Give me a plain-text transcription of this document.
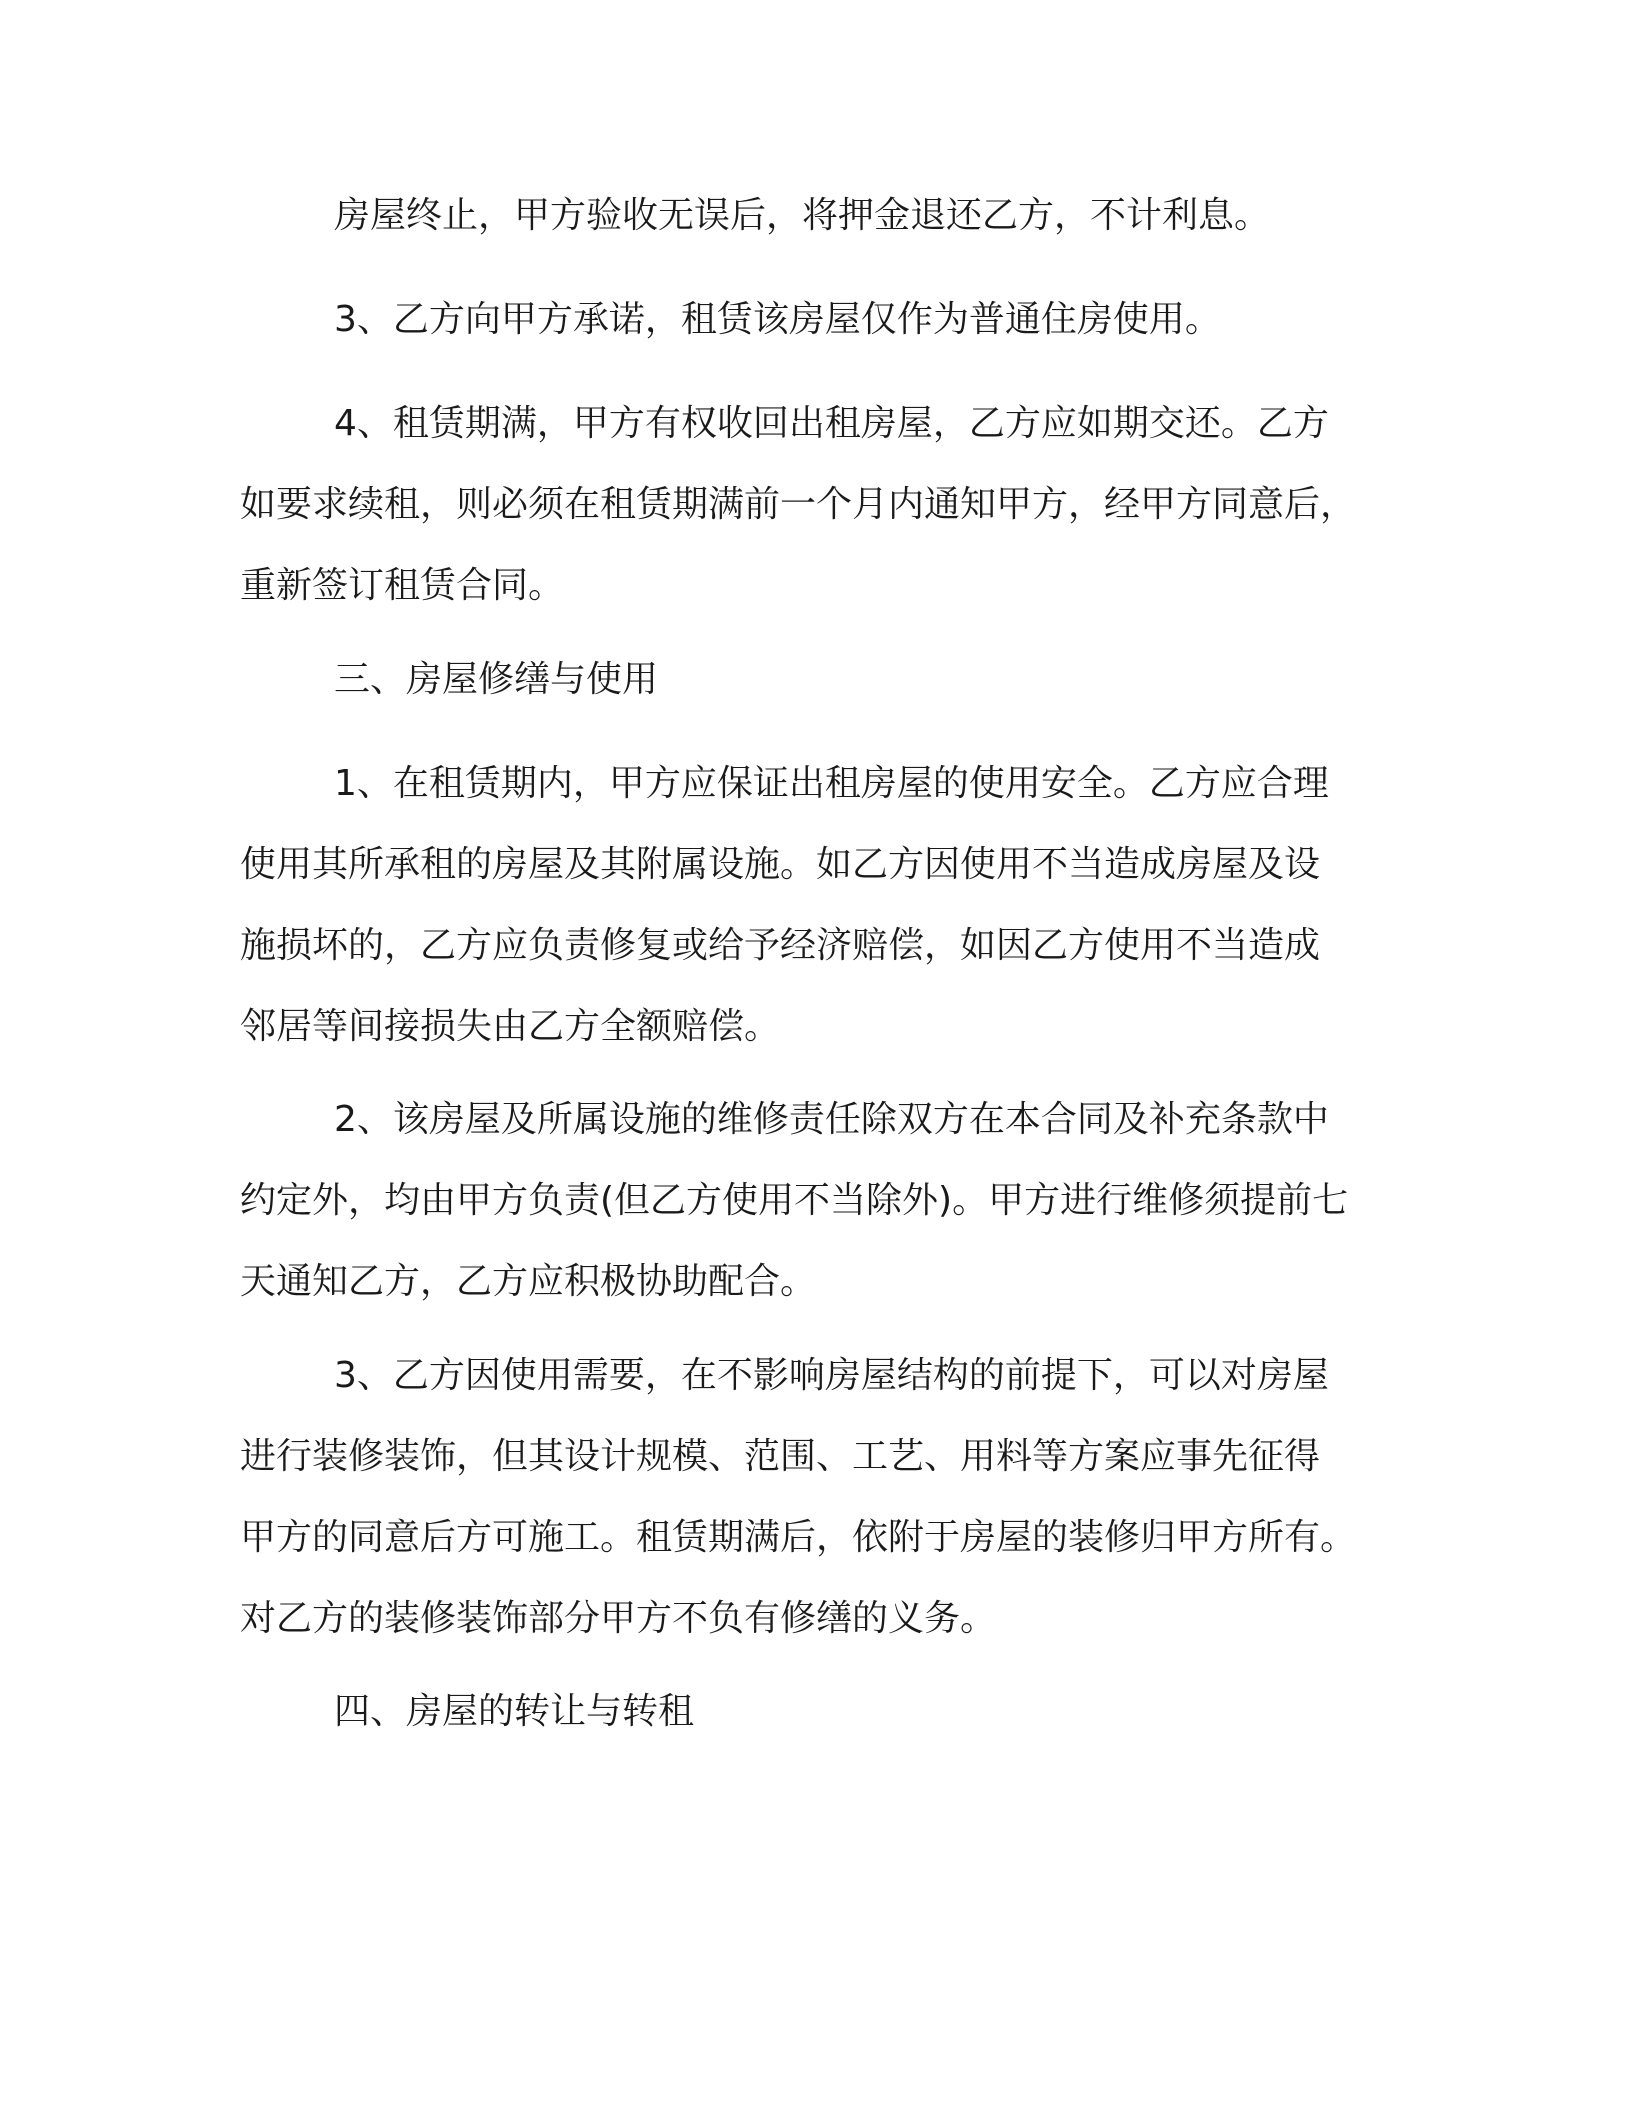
房屋终止，甲方验收无误后，将押金退还乙方，不计利息。
3、乙方向甲方承诺，租赁该房屋仅作为普通住房使用。
4、租赁期满，甲方有权收回出租房屋，乙方应如期交还。乙方
如要求续租，则必须在租赁期满前一个月内通知甲方，经甲方同意后，
重新签订租赁合同。
三、房屋修缮与使用
1、在租赁期内，甲方应保证出租房屋的使用安全。乙方应合理
使用其所承租的房屋及其附属设施。如乙方因使用不当造成房屋及设
施损坏的，乙方应负责修复或给予经济赔偿，如因乙方使用不当造成
邻居等间接损失由乙方全额赔偿。
2、该房屋及所属设施的维修责任除双方在本合同及补充条款中
约定外，均由甲方负责(但乙方使用不当除外)。甲方进行维修须提前七
天通知乙方，乙方应积极协助配合。
3、乙方因使用需要，在不影响房屋结构的前提下，可以对房屋
进行装修装饰，但其设计规模、范围、工艺、用料等方案应事先征得
甲方的同意后方可施工。租赁期满后，依附于房屋的装修归甲方所有。
对乙方的装修装饰部分甲方不负有修缮的义务。
四、房屋的转让与转租
